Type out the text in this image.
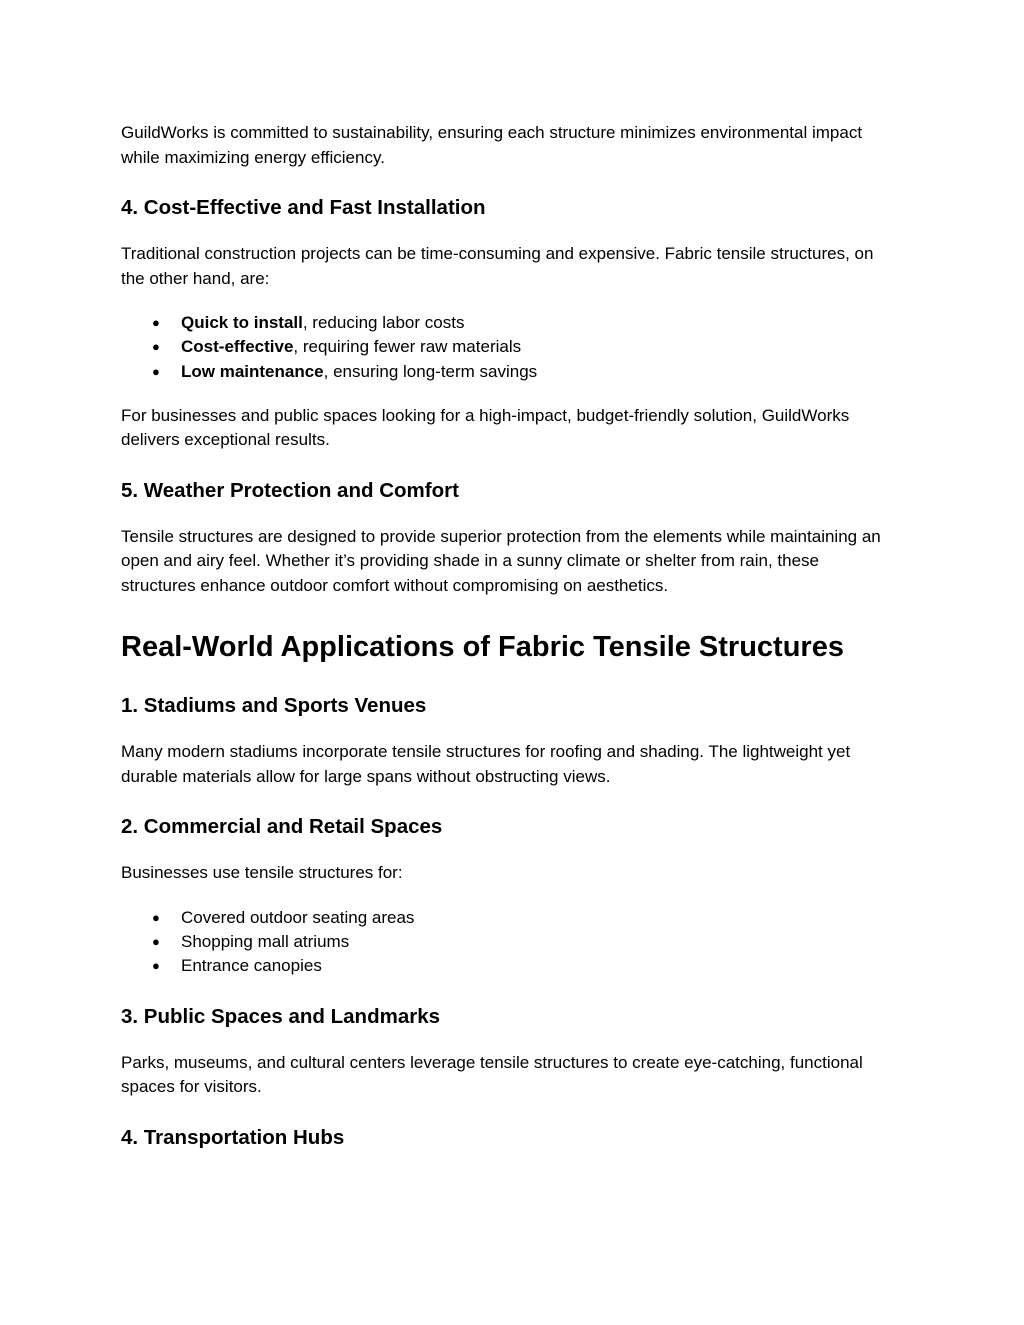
GuildWorks is committed to sustainability, ensuring each structure minimizes environmental impact while maximizing energy efficiency.

4. Cost-Effective and Fast Installation

Traditional construction projects can be time-consuming and expensive. Fabric tensile structures, on the other hand, are:

● Quick to install, reducing labor costs
● Cost-effective, requiring fewer raw materials
● Low maintenance, ensuring long-term savings

For businesses and public spaces looking for a high-impact, budget-friendly solution, GuildWorks delivers exceptional results.

5. Weather Protection and Comfort

Tensile structures are designed to provide superior protection from the elements while maintaining an open and airy feel. Whether it’s providing shade in a sunny climate or shelter from rain, these structures enhance outdoor comfort without compromising on aesthetics.

Real-World Applications of Fabric Tensile Structures
1. Stadiums and Sports Venues

Many modern stadiums incorporate tensile structures for roofing and shading. The lightweight yet durable materials allow for large spans without obstructing views.

2. Commercial and Retail Spaces

Businesses use tensile structures for:

● Covered outdoor seating areas
● Shopping mall atriums
● Entrance canopies
3. Public Spaces and Landmarks

Parks, museums, and cultural centers leverage tensile structures to create eye-catching, functional spaces for visitors.

4. Transportation Hubs
